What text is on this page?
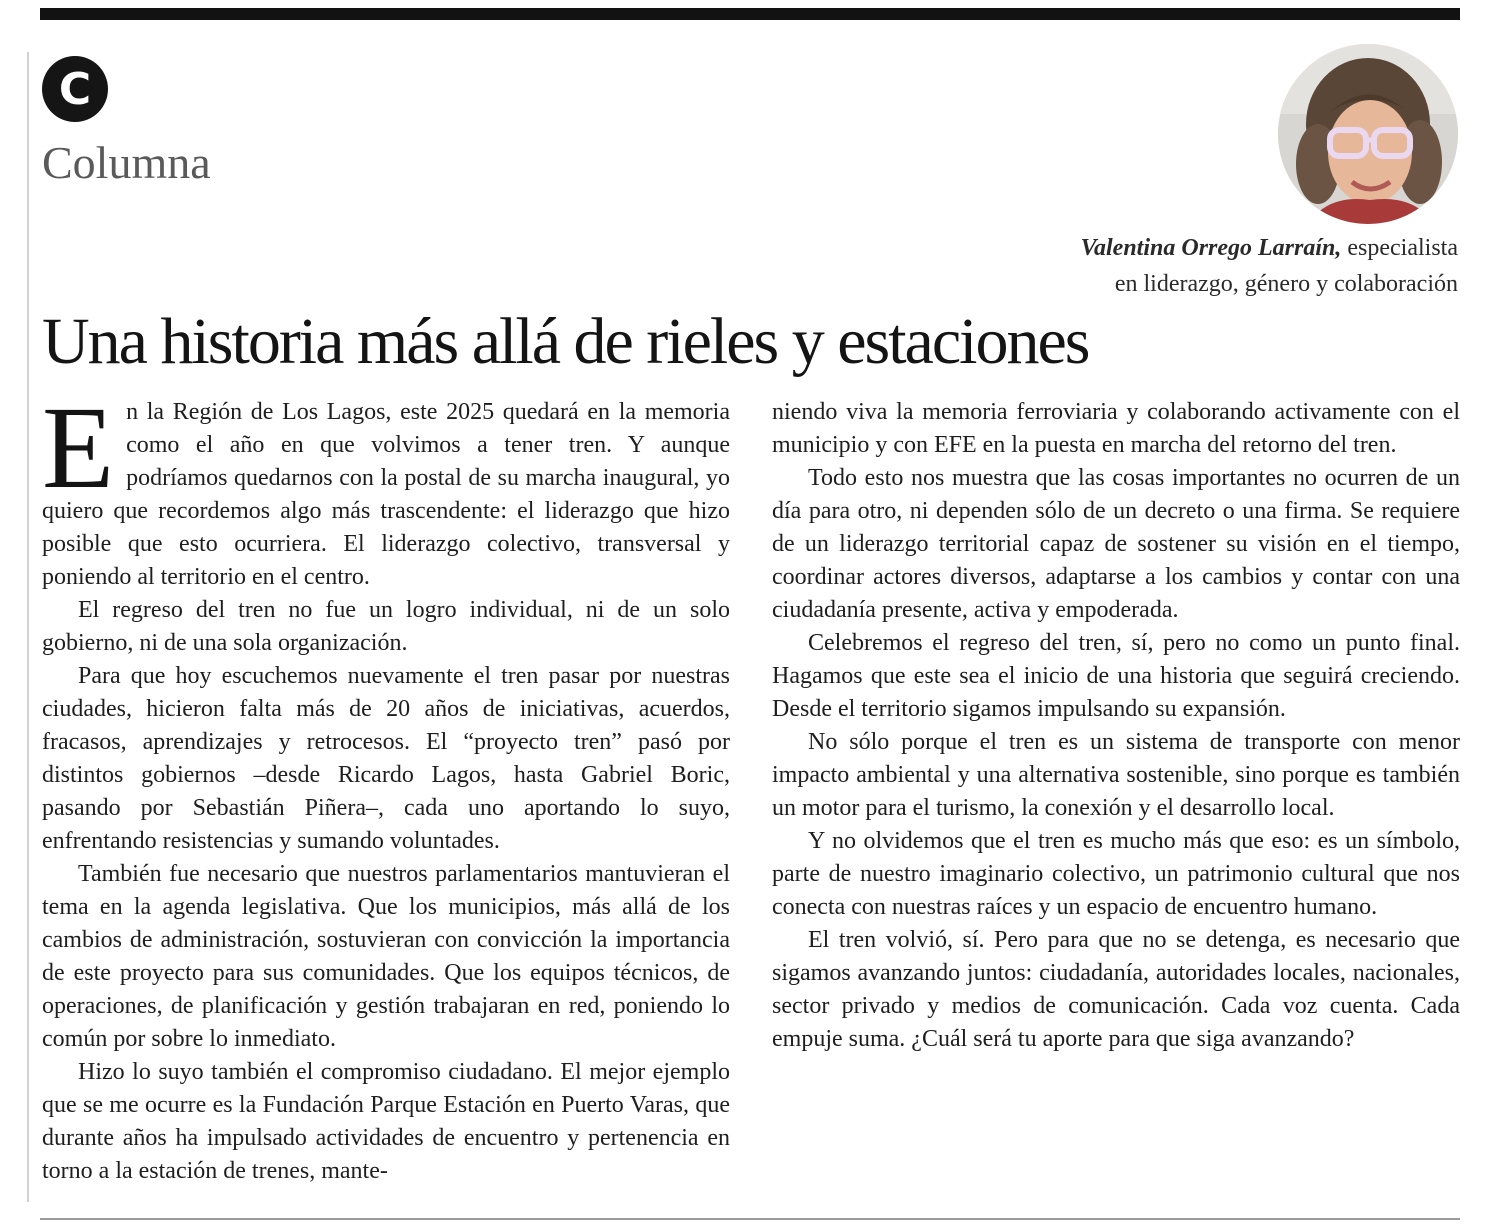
C
Columna
Valentina Orrego Larraín, especialista
en liderazgo, género y colaboración
Una historia más allá de rieles y estaciones

En la Región de Los Lagos, este 2025 quedará en la memoria como el año en que volvimos a tener tren. Y aunque podríamos quedarnos con la postal de su marcha inaugural, yo quiero que recordemos algo más trascendente: el liderazgo que hizo posible que esto ocurriera. El liderazgo colectivo, transversal y poniendo al territorio en el centro.

El regreso del tren no fue un logro individual, ni de un solo gobierno, ni de una sola organización.

Para que hoy escuchemos nuevamente el tren pasar por nuestras ciudades, hicieron falta más de 20 años de iniciativas, acuerdos, fracasos, aprendizajes y retrocesos. El “proyecto tren” pasó por distintos gobiernos –desde Ricardo Lagos, hasta Gabriel Boric, pasando por Sebastián Piñera–, cada uno aportando lo suyo, enfrentando resistencias y sumando voluntades.

También fue necesario que nuestros parlamentarios mantuvieran el tema en la agenda legislativa. Que los municipios, más allá de los cambios de administración, sostuvieran con convicción la importancia de este proyecto para sus comunidades. Que los equipos técnicos, de operaciones, de planificación y gestión trabajaran en red, poniendo lo común por sobre lo inmediato.

Hizo lo suyo también el compromiso ciudadano. El mejor ejemplo que se me ocurre es la Fundación Parque Estación en Puerto Varas, que durante años ha impulsado actividades de encuentro y pertenencia en torno a la estación de trenes, mante-

niendo viva la memoria ferroviaria y colaborando activamente con el municipio y con EFE en la puesta en marcha del retorno del tren.

Todo esto nos muestra que las cosas importantes no ocurren de un día para otro, ni dependen sólo de un decreto o una firma. Se requiere de un liderazgo territorial capaz de sostener su visión en el tiempo, coordinar actores diversos, adaptarse a los cambios y contar con una ciudadanía presente, activa y empoderada.

Celebremos el regreso del tren, sí, pero no como un punto final. Hagamos que este sea el inicio de una historia que seguirá creciendo. Desde el territorio sigamos impulsando su expansión.

No sólo porque el tren es un sistema de transporte con menor impacto ambiental y una alternativa sostenible, sino porque es también un motor para el turismo, la conexión y el desarrollo local.

Y no olvidemos que el tren es mucho más que eso: es un símbolo, parte de nuestro imaginario colectivo, un patrimonio cultural que nos conecta con nuestras raíces y un espacio de encuentro humano.

El tren volvió, sí. Pero para que no se detenga, es necesario que sigamos avanzando juntos: ciudadanía, autoridades locales, nacionales, sector privado y medios de comunicación. Cada voz cuenta. Cada empuje suma. ¿Cuál será tu aporte para que siga avanzando?
